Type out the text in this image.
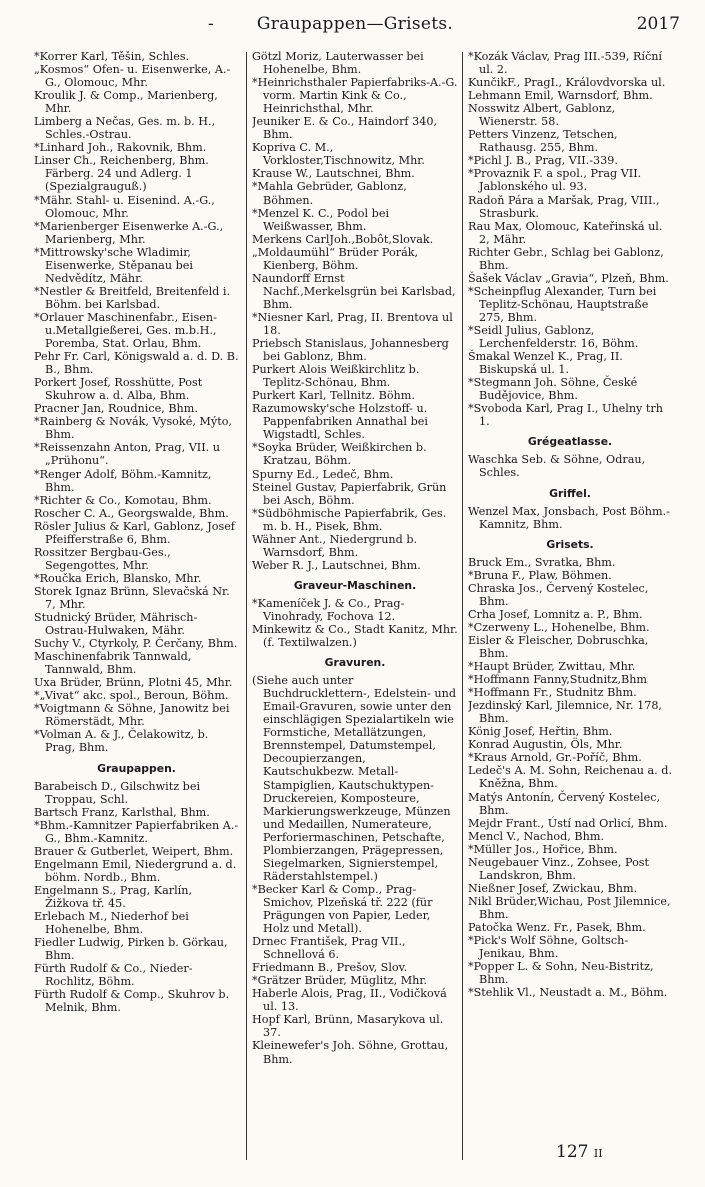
-	Graupappen—Grisets.	2017

*Korrer Karl, Těšin, Schles.

„Kosmos“ Ofen- u. Eisenwerke, A.-G., Olomouc, Mhr.

Kroulik J. & Comp., Marienberg, Mhr.

Limberg a Nečas, Ges. m. b. H., Schles.-Ostrau.

*Linhard Joh., Rakovnik, Bhm.

Linser Ch., Reichenberg, Bhm. Färberg. 24 und Adlerg. 1 (Spezialgrauguß.)

*Mähr. Stahl- u. Eisenind. A.-G., Olomouc, Mhr.

*Marienberger Eisenwerke A.-G., Marienberg, Mhr.

*Mittrowsky'sche Wladimir, Eisenwerke, Stěpanau bei Nedvědítz, Mähr.

*Nestler & Breitfeld, Breitenfeld i. Böhm. bei Karlsbad.

*Orlauer Maschinenfabr., Eisen-u.Metallgießerei, Ges. m.b.H., Poremba, Stat. Orlau, Bhm.

Pehr Fr. Carl, Königswald a. d. D. B. B., Bhm.

Porkert Josef, Rosshütte, Post Skuhrow a. d. Alba, Bhm.

Pracner Jan, Roudnice, Bhm.

*Rainberg & Novák, Vysoké, Mýto, Bhm.

*Reissenzahn Anton, Prag, VII. u „Prühonu“.

*Renger Adolf, Böhm.-Kamnitz, Bhm.

*Richter & Co., Komotau, Bhm.

Roscher C. A., Georgswalde, Bhm.

Rösler Julius & Karl, Gablonz, Josef Pfeifferstraße 6, Bhm.

Rossitzer Bergbau-Ges., Segengottes, Mhr.

*Roučka Erich, Blansko, Mhr.

Storek Ignaz Brünn, Slevačská Nr. 7, Mhr.

Studnický Brüder, Mährisch-Ostrau-Hulwaken, Mähr.

Suchy V., Ctyrkoly, P. Čerčany, Bhm.

Maschinenfabrik Tannwald, Tannwald, Bhm.

Uxa Brüder, Brünn, Plotni 45, Mhr.

*„Vivat“ akc. spol., Beroun, Böhm.

*Voigtmann & Söhne, Janowitz bei Römerstädt, Mhr.

*Volman A. & J., Čelakowitz, b. Prag, Bhm.

Graupappen.

Barabeisch D., Gilschwitz bei Troppau, Schl.

Bartsch Franz, Karlsthal, Bhm.

*Bhm.-Kamnitzer Papierfabriken A.-G., Bhm.-Kamnitz.

Brauer & Gutberlet, Weipert, Bhm.

Engelmann Emil, Niedergrund a. d. böhm. Nordb., Bhm.

Engelmann S., Prag, Karlín, Žižkova tř. 45.

Erlebach M., Niederhof bei Hohenelbe, Bhm.

Fiedler Ludwig, Pirken b. Görkau, Bhm.

Fürth Rudolf & Co., Nieder-Rochlitz, Böhm.

Fürth Rudolf & Comp., Skuhrov b. Melnik, Bhm.

Götzl Moriz, Lauterwasser bei Hohenelbe, Bhm.

*Heinrichsthaler Papierfabriks-A.-G. vorm. Martin Kink & Co., Heinrichsthal, Mhr.

Jeuniker E. & Co., Haindorf 340, Bhm.

Kopriva C. M., Vorkloster,Tischnowitz, Mhr.

Krause W., Lautschnei, Bhm.

*Mahla Gebrüder, Gablonz, Böhmen.

*Menzel K. C., Podol bei Weißwasser, Bhm.

Merkens CarlJoh.,Bobôt,Slovak.

„Moldaumühl“ Brüder Porák, Kienberg, Böhm.

Naundorff Ernst Nachf.,Merkelsgrün bei Karlsbad, Bhm.

*Niesner Karl, Prag, II. Brentova ul 18.

Priebsch Stanislaus, Johannesberg bei Gablonz, Bhm.

Purkert Alois Weißkirchlitz b. Teplitz-Schönau, Bhm.

Purkert Karl, Tellnitz. Böhm.

Razumowsky'sche Holzstoff- u. Pappenfabriken Annathal bei Wigstadtl, Schles.

*Soyka Brüder, Weißkirchen b. Kratzau, Böhm.

Spurny Ed., Ledeč, Bhm.

Steinel Gustav, Papierfabrik, Grün bei Asch, Böhm.

*Südböhmische Papierfabrik, Ges. m. b. H., Pisek, Bhm.

Wähner Ant., Niedergrund b. Warnsdorf, Bhm.

Weber R. J., Lautschnei, Bhm.

Graveur-Maschinen.

*Kameníček J. & Co., Prag-Vinohrady, Fochova 12.

Minkewitz & Co., Stadt Kanitz, Mhr. (f. Textilwalzen.)

Gravuren.

(Siehe auch unter Buchdrucklettern-, Edelstein- und Email-Gravuren, sowie unter den einschlägigen Spezialartikeln wie Formstiche, Metallätzungen, Brennstempel, Datumstempel, Decoupierzangen, Kautschukbezw. Metall-Stampiglien, Kautschuktypen-Druckereien, Komposteure, Markierungswerkzeuge, Münzen und Medaillen, Numerateure, Perforiermaschinen, Petschafte, Plombierzangen, Prägepressen, Siegelmarken, Signierstempel, Räderstahlstempel.)

*Becker Karl & Comp., Prag-Smichov, Plzeňská tř. 222 (für Prägungen von Papier, Leder, Holz und Metall).

Drnec František, Prag VII., Schnellová 6.

Friedmann B., Prešov, Slov.

*Grätzer Brüder, Müglitz, Mhr.

Haberle Alois, Prag, II., Vodičková ul. 13.

Hopf Karl, Brünn, Masarykova ul. 37.

Kleinewefer's Joh. Söhne, Grottau, Bhm.

*Kozák Václav, Prag III.-539, Ríční ul. 2.

KunčikF., PragI., Královdvorska ul.

Lehmann Emil, Warnsdorf, Bhm.

Nosswitz Albert, Gablonz, Wienerstr. 58.

Petters Vinzenz, Tetschen, Rathausg. 255, Bhm.

*Pichl J. B., Prag, VII.-339.

*Provaznik F. a spol., Prag VII. Jablonského ul. 93.

Radoň Pára a Maršak, Prag, VIII., Strasburk.

Rau Max, Olomouc, Kateřinská ul. 2, Mähr.

Richter Gebr., Schlag bei Gablonz, Bhm.

Šašek Václav „Gravia“, Plzeň, Bhm.

*Scheinpflug Alexander, Turn bei Teplitz-Schönau, Hauptstraße 275, Bhm.

*Seidl Julius, Gablonz, Lerchenfelderstr. 16, Böhm.

Šmakal Wenzel K., Prag, II. Biskupská ul. 1.

*Stegmann Joh. Söhne, České Budějovice, Bhm.

*Svoboda Karl, Prag I., Uhelny trh 1.

Grégeatlasse.

Waschka Seb. & Söhne, Odrau, Schles.

Griffel.

Wenzel Max, Jonsbach, Post Böhm.-Kamnitz, Bhm.

Grisets.

Bruck Em., Svratka, Bhm.

*Bruna F., Plaw, Böhmen.

Chraska Jos., Červený Kostelec, Bhm.

Crha Josef, Lomnitz a. P., Bhm.

*Czerweny L., Hohenelbe, Bhm.

Eisler & Fleischer, Dobruschka, Bhm.

*Haupt Brüder, Zwittau, Mhr.

*Hoffmann Fanny,Studnitz,Bhm

*Hoffmann Fr., Studnitz Bhm.

Jezdinský Karl, Jilemnice, Nr. 178, Bhm.

König Josef, Heřtin, Bhm.

Konrad Augustin, Öls, Mhr.

*Kraus Arnold, Gr.-Poříč, Bhm.

Ledeč's A. M. Sohn, Reichenau a. d. Kněžna, Bhm.

Matýs Antonín, Červený Kostelec, Bhm.

Mejdr Frant., Ústí nad Orlicí, Bhm.

Mencl V., Nachod, Bhm.

*Müller Jos., Hořice, Bhm.

Neugebauer Vinz., Zohsee, Post Landskron, Bhm.

Nießner Josef, Zwickau, Bhm.

Nikl Brüder,Wichau, Post Jilemnice, Bhm.

Patočka Wenz. Fr., Pasek, Bhm.

*Pick's Wolf Söhne, Goltsch-Jenikau, Bhm.

*Popper L. & Sohn, Neu-Bistritz, Bhm.

*Stehlik Vl., Neustadt a. M., Böhm.

127 II
